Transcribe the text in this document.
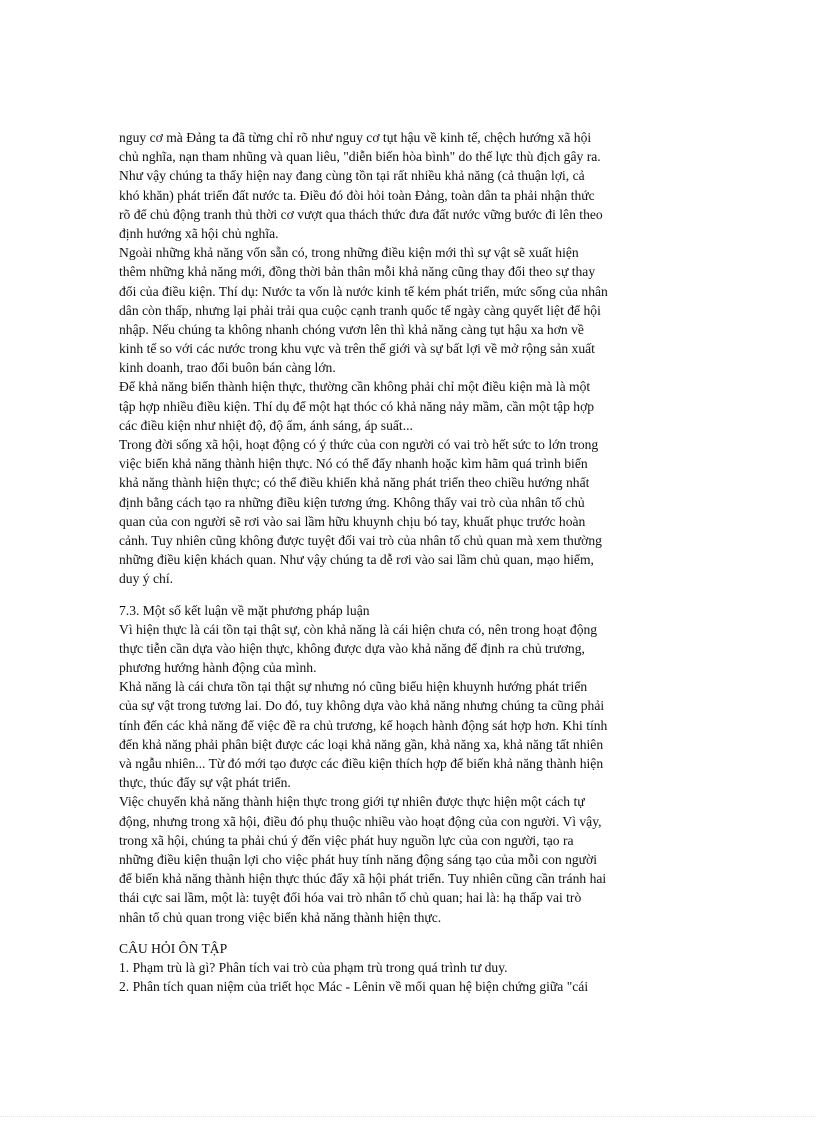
nguy cơ mà Đảng ta đã từng chỉ rõ như nguy cơ tụt hậu về kinh tế, chệch hướng xã hội
chủ nghĩa, nạn tham nhũng và quan liêu, "diễn biến hòa bình" do thế lực thù địch gây ra.
Như vậy chúng ta thấy hiện nay đang cùng tồn tại rất nhiều khả năng (cả thuận lợi, cả
khó khăn) phát triển đất nước ta. Điều đó đòi hỏi toàn Đảng, toàn dân ta phải nhận thức
rõ để chủ động tranh thủ thời cơ vượt qua thách thức đưa đất nước vững bước đi lên theo
định hướng xã hội chủ nghĩa.
Ngoài những khả năng vốn sẵn có, trong những điều kiện mới thì sự vật sẽ xuất hiện
thêm những khả năng mới, đồng thời bản thân mỗi khả năng cũng thay đổi theo sự thay
đổi của điều kiện. Thí dụ: Nước ta vốn là nước kinh tế kém phát triển, mức sống của nhân
dân còn thấp, nhưng lại phải trải qua cuộc cạnh tranh quốc tế ngày càng quyết liệt để hội
nhập. Nếu chúng ta không nhanh chóng vươn lên thì khả năng càng tụt hậu xa hơn về
kinh tế so với các nước trong khu vực và trên thế giới và sự bất lợi về mở rộng sản xuất
kinh doanh, trao đổi buôn bán càng lớn.
Để khả năng biến thành hiện thực, thường cần không phải chỉ một điều kiện mà là một
tập hợp nhiều điều kiện. Thí dụ để một hạt thóc có khả năng nảy mầm, cần một tập hợp
các điều kiện như nhiệt độ, độ ẩm, ánh sáng, áp suất...
Trong đời sống xã hội, hoạt động có ý thức của con người có vai trò hết sức to lớn trong
việc biến khả năng thành hiện thực. Nó có thể đẩy nhanh hoặc kìm hãm quá trình biến
khả năng thành hiện thực; có thể điều khiển khả năng phát triển theo chiều hướng nhất
định bằng cách tạo ra những điều kiện tương ứng. Không thấy vai trò của nhân tố chủ
quan của con người sẽ rơi vào sai lầm hữu khuynh chịu bó tay, khuất phục trước hoàn
cảnh. Tuy nhiên cũng không được tuyệt đối vai trò của nhân tố chủ quan mà xem thường
những điều kiện khách quan. Như vậy chúng ta dễ rơi vào sai lầm chủ quan, mạo hiểm,
duy ý chí.
7.3. Một số kết luận về mặt phương pháp luận
Vì hiện thực là cái tồn tại thật sự, còn khả năng là cái hiện chưa có, nên trong hoạt động
thực tiễn cần dựa vào hiện thực, không được dựa vào khả năng để định ra chủ trương,
phương hướng hành động của mình.
Khả năng là cái chưa tồn tại thật sự nhưng nó cũng biểu hiện khuynh hướng phát triển
của sự vật trong tương lai. Do đó, tuy không dựa vào khả năng nhưng chúng ta cũng phải
tính đến các khả năng để việc đề ra chủ trương, kế hoạch hành động sát hợp hơn. Khi tính
đến khả năng phải phân biệt được các loại khả năng gần, khả năng xa, khả năng tất nhiên
và ngẫu nhiên... Từ đó mới tạo được các điều kiện thích hợp để biến khả năng thành hiện
thực, thúc đẩy sự vật phát triển.
Việc chuyển khả năng thành hiện thực trong giới tự nhiên được thực hiện một cách tự
động, nhưng trong xã hội, điều đó phụ thuộc nhiều vào hoạt động của con người. Vì vậy,
trong xã hội, chúng ta phải chú ý đến việc phát huy nguồn lực của con người, tạo ra
những điều kiện thuận lợi cho việc phát huy tính năng động sáng tạo của mỗi con người
để biến khả năng thành hiện thực thúc đẩy xã hội phát triển. Tuy nhiên cũng cần tránh hai
thái cực sai lầm, một là: tuyệt đối hóa vai trò nhân tố chủ quan; hai là: hạ thấp vai trò
nhân tố chủ quan trong việc biến khả năng thành hiện thực.
CÂU HỎI ÔN TẬP
1. Phạm trù là gì? Phân tích vai trò của phạm trù trong quá trình tư duy.
2. Phân tích quan niệm của triết học Mác - Lênin về mối quan hệ biện chứng giữa "cái
